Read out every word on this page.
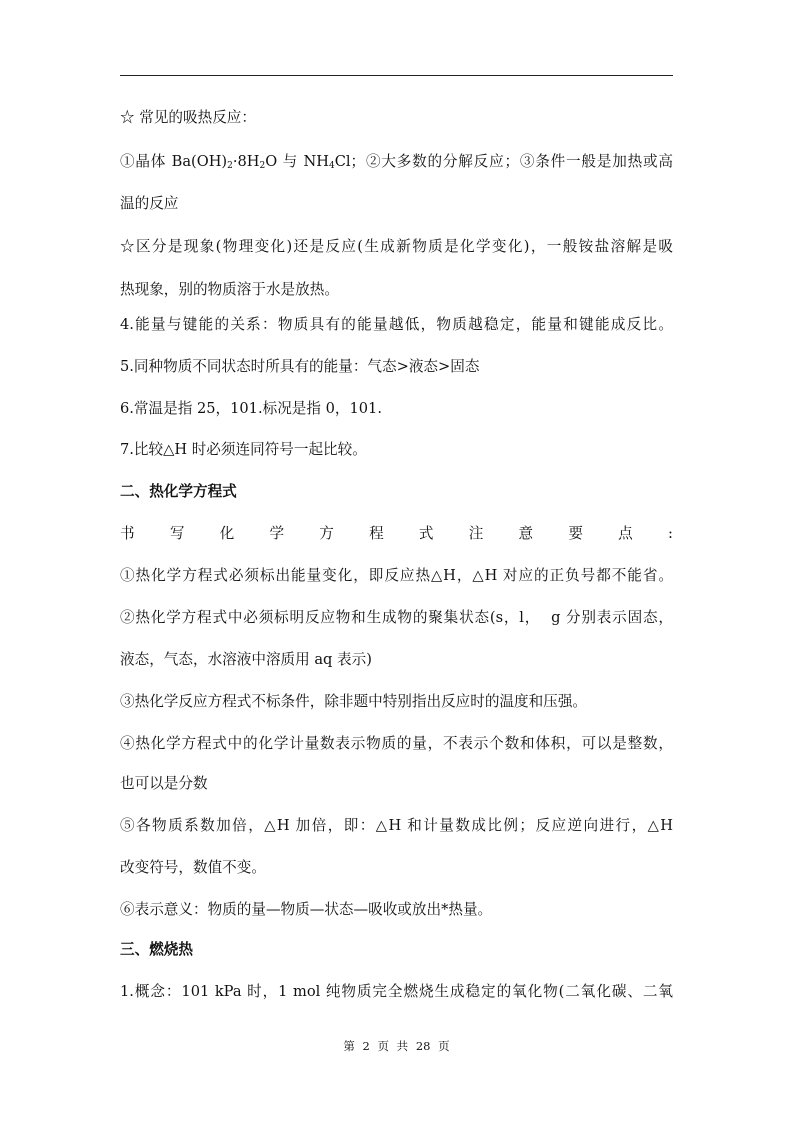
☆ 常见的吸热反应：
①晶体 $Ba(OH)_2\cdot 8H_2O$ 与 $NH_4Cl$；②大多数的分解反应；③条件一般是加热或高
温的反应
☆区分是现象(物理变化)还是反应(生成新物质是化学变化)，一般铵盐溶解是吸
热现象，别的物质溶于水是放热。
4.能量与键能的关系：物质具有的能量越低，物质越稳定，能量和键能成反比。
5.同种物质不同状态时所具有的能量：气态>液态>固态
6.常温是指 25，101.标况是指 0，101.
7.比较△H 时必须连同符号一起比较。
二、热化学方程式
书 写 化 学 方 程 式 注 意 要 点 :
①热化学方程式必须标出能量变化，即反应热△H，△H 对应的正负号都不能省。
②热化学方程式中必须标明反应物和生成物的聚集状态(s，l，  g 分别表示固态，
液态，气态，水溶液中溶质用 aq 表示)
③热化学反应方程式不标条件，除非题中特别指出反应时的温度和压强。
④热化学方程式中的化学计量数表示物质的量，不表示个数和体积，可以是整数，
也可以是分数
⑤各物质系数加倍，△H 加倍，即：△H 和计量数成比例；反应逆向进行，△H
改变符号，数值不变。
⑥表示意义：物质的量—物质—状态—吸收或放出*热量。
三、燃烧热
1.概念：101 kPa 时，1 mol 纯物质完全燃烧生成稳定的氧化物(二氧化碳、二氧
第 2 页 共 28 页
